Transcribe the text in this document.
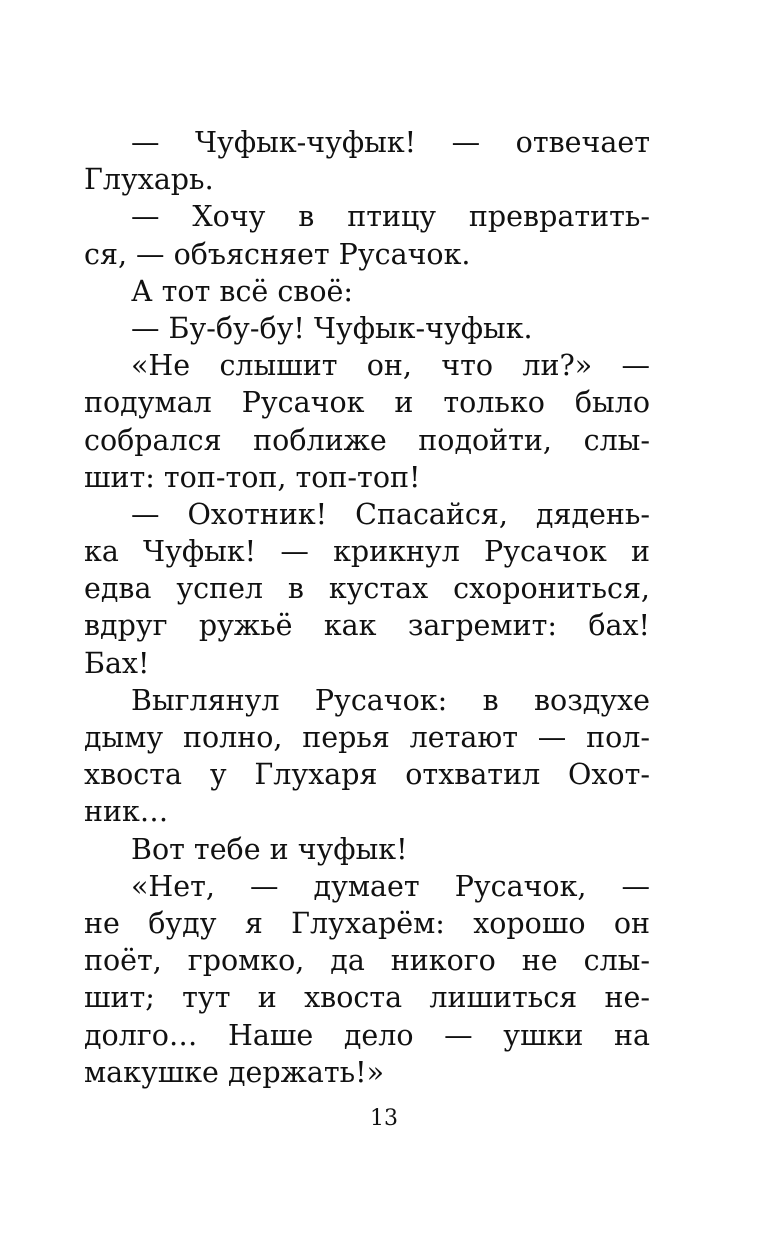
— Чуфык-чуфык! — отвечает
Глухарь.
— Хочу в птицу превратить-
ся, — объясняет Русачок.
А тот всё своё:
— Бу-бу-бу! Чуфык-чуфык.
«Не слышит он, что ли?» —
подумал Русачок и только было
собрался поближе подойти, слы-
шит: топ-топ, топ-топ!
— Охотник! Спасайся, дядень-
ка Чуфык! — крикнул Русачок и
едва успел в кустах схорониться,
вдруг ружьё как загремит: бах!
Бах!
Выглянул Русачок: в воздухе
дыму полно, перья летают — пол-
хвоста у Глухаря отхватил Охот-
ник…
Вот тебе и чуфык!
«Нет, — думает Русачок, —
не буду я Глухарём: хорошо он
поёт, громко, да никого не слы-
шит; тут и хвоста лишиться не-
долго… Наше дело — ушки на
макушке держать!»
13
